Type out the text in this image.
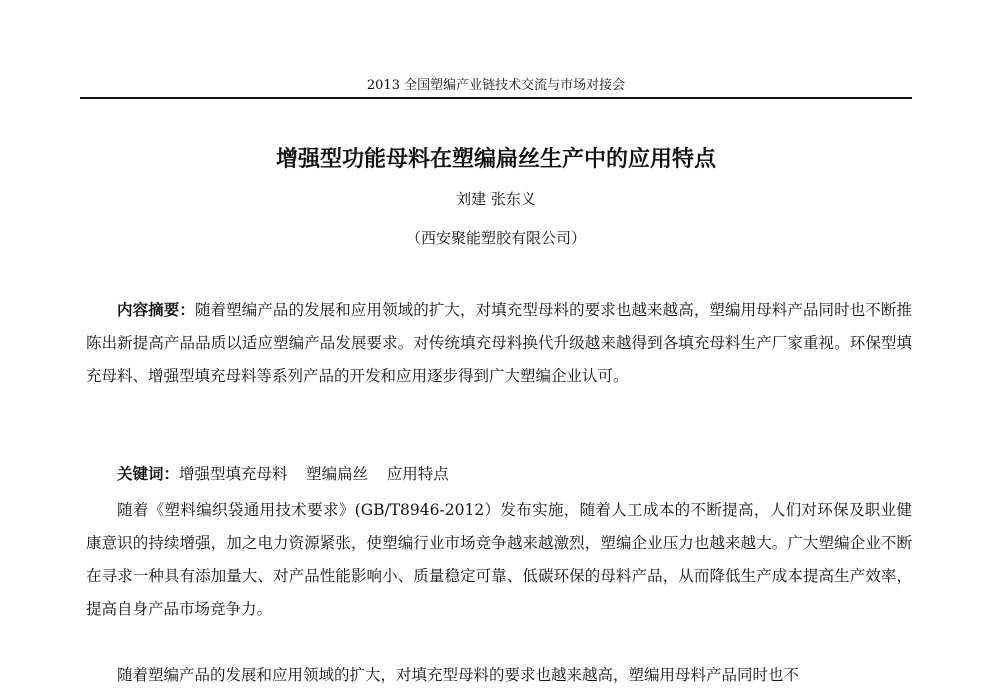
2013 全国塑编产业链技术交流与市场对接会
增强型功能母料在塑编扁丝生产中的应用特点
刘建 张东义
（西安聚能塑胶有限公司）

内容摘要：随着塑编产品的发展和应用领域的扩大，对填充型母料的要求也越来越高，塑编用母料产品同时也不断推陈出新提高产品品质以适应塑编产品发展要求。对传统填充母料换代升级越来越得到各填充母料生产厂家重视。环保型填充母料、增强型填充母料等系列产品的开发和应用逐步得到广大塑编企业认可。

关键词：增强型填充母料 塑编扁丝 应用特点

随着《塑料编织袋通用技术要求》(GB/T8946-2012）发布实施，随着人工成本的不断提高，人们对环保及职业健康意识的持续增强，加之电力资源紧张，使塑编行业市场竞争越来越激烈，塑编企业压力也越来越大。广大塑编企业不断在寻求一种具有添加量大、对产品性能影响小、质量稳定可靠、低碳环保的母料产品，从而降低生产成本提高生产效率，提高自身产品市场竞争力。

随着塑编产品的发展和应用领域的扩大，对填充型母料的要求也越来越高，塑编用母料产品同时也不
